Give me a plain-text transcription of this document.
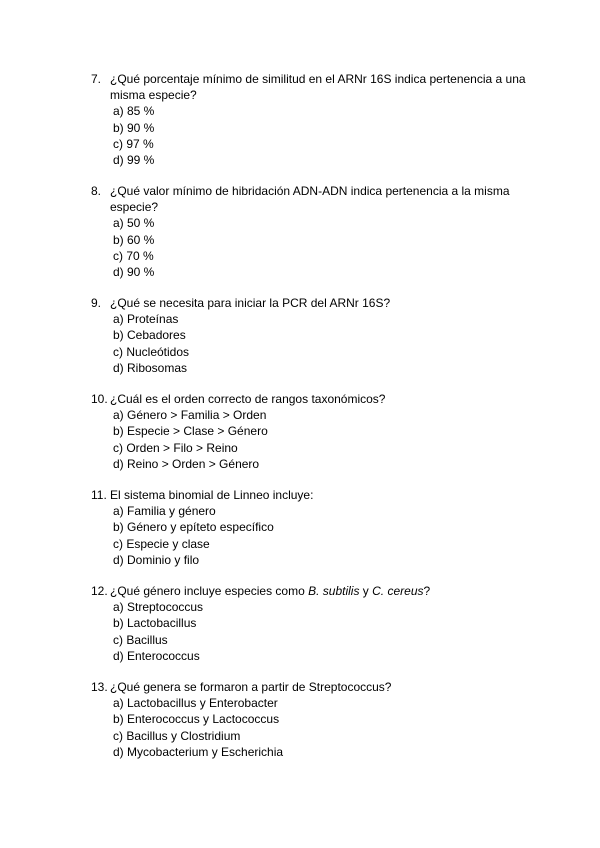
7. ¿Qué porcentaje mínimo de similitud en el ARNr 16S indica pertenencia a una misma especie?
a) 85 %
b) 90 %
c) 97 %
d) 99 %
8. ¿Qué valor mínimo de hibridación ADN-ADN indica pertenencia a la misma especie?
a) 50 %
b) 60 %
c) 70 %
d) 90 %
9. ¿Qué se necesita para iniciar la PCR del ARNr 16S?
a) Proteínas
b) Cebadores
c) Nucleótidos
d) Ribosomas
10. ¿Cuál es el orden correcto de rangos taxonómicos?
a) Género > Familia > Orden
b) Especie > Clase > Género
c) Orden > Filo > Reino
d) Reino > Orden > Género
11. El sistema binomial de Linneo incluye:
a) Familia y género
b) Género y epíteto específico
c) Especie y clase
d) Dominio y filo
12. ¿Qué género incluye especies como B. subtilis y C. cereus?
a) Streptococcus
b) Lactobacillus
c) Bacillus
d) Enterococcus
13. ¿Qué genera se formaron a partir de Streptococcus?
a) Lactobacillus y Enterobacter
b) Enterococcus y Lactococcus
c) Bacillus y Clostridium
d) Mycobacterium y Escherichia
